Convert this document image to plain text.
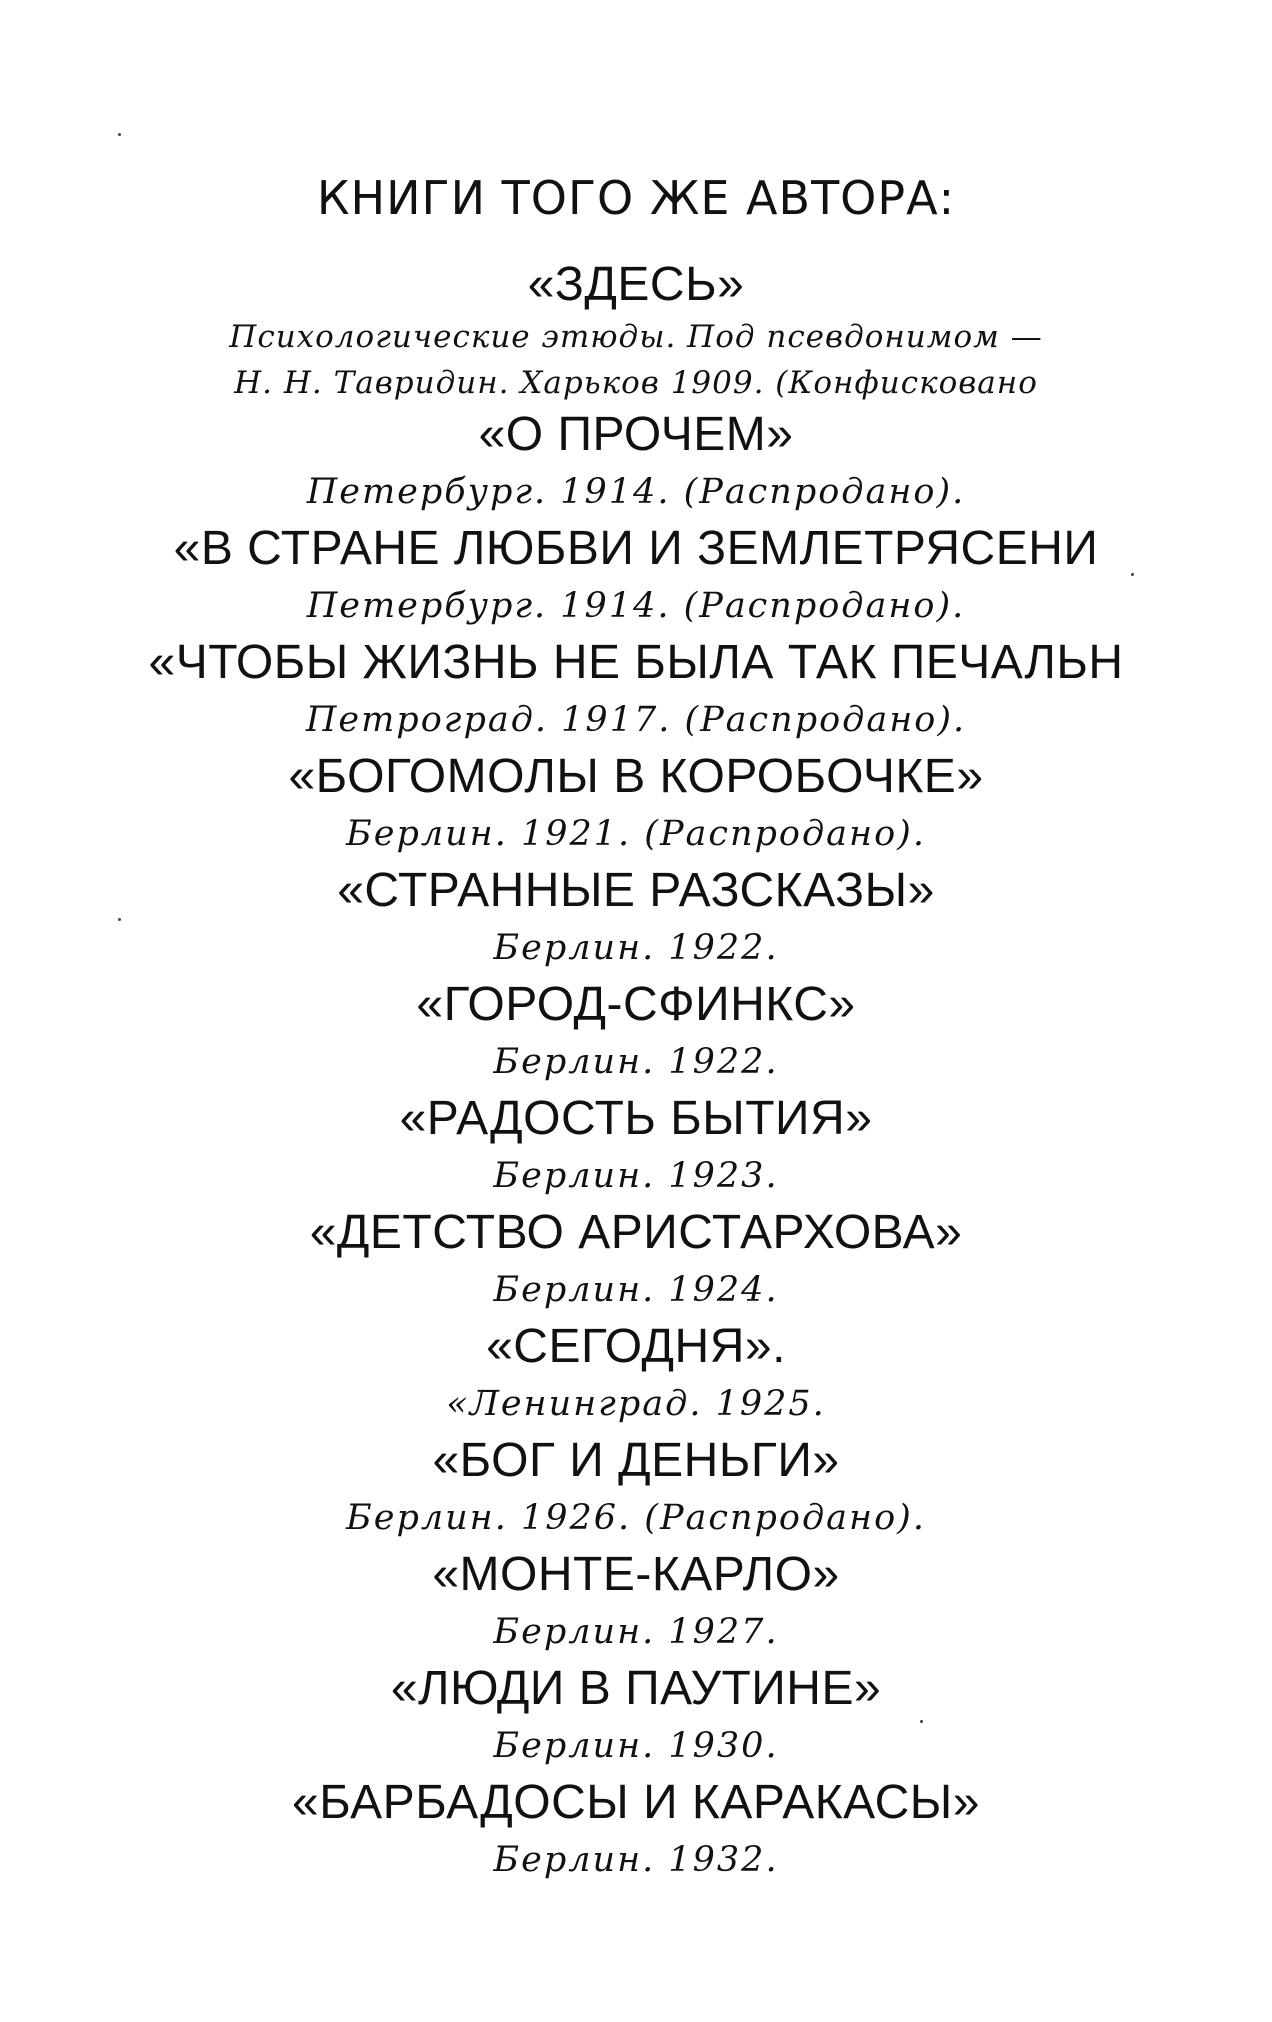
КНИГИ ТОГО ЖЕ АВТОРА:
«ЗДЕСЬ»
Психологические этюды. Под псевдонимом —
Н. Н. Тавридин. Харьков 1909. (Конфисковано
«О ПРОЧЕМ»
Петербург. 1914. (Распродано).
«В СТРАНЕ ЛЮБВИ И ЗЕМЛЕТРЯСЕНИ
Петербург. 1914. (Распродано).
«ЧТОБЫ ЖИЗНЬ НЕ БЫЛА ТАК ПЕЧАЛЬН
Петроград. 1917. (Распродано).
«БОГОМОЛЫ В КОРОБОЧКЕ»
Берлин. 1921. (Распродано).
«СТРАННЫЕ РАЗСКАЗЫ»
Берлин. 1922.
«ГОРОД-СФИНКС»
Берлин. 1922.
«РАДОСТЬ БЫТИЯ»
Берлин. 1923.
«ДЕТСТВО АРИСТАРХОВА»
Берлин. 1924.
«СЕГОДНЯ».
«Ленинград. 1925.
«БОГ И ДЕНЬГИ»
Берлин. 1926. (Распродано).
«МОНТЕ-КАРЛО»
Берлин. 1927.
«ЛЮДИ В ПАУТИНЕ»
Берлин. 1930.
«БАРБАДОСЫ И КАРАКАСЫ»
Берлин. 1932.
